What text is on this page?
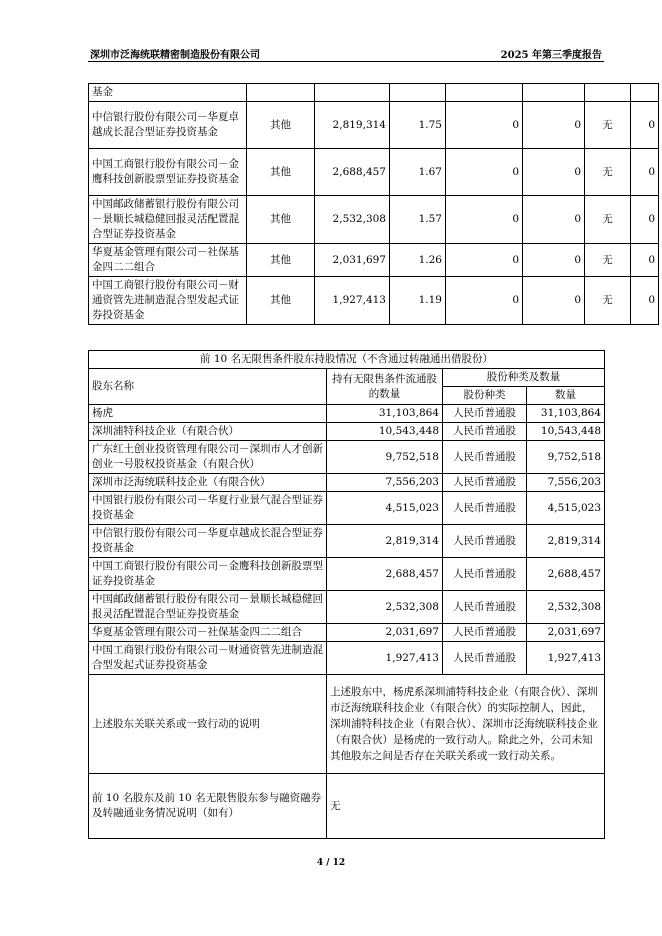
深圳市泛海统联精密制造股份有限公司	2025 年第三季度报告
基金							
中信银行股份有限公司－华夏卓越成长混合型证券投资基金	其他	2,819,314	1.75	0	0	无	0
中国工商银行股份有限公司－金鹰科技创新股票型证券投资基金	其他	2,688,457	1.67	0	0	无	0
中国邮政储蓄银行股份有限公司－景顺长城稳健回报灵活配置混合型证券投资基金	其他	2,532,308	1.57	0	0	无	0
华夏基金管理有限公司－社保基金四二二组合	其他	2,031,697	1.26	0	0	无	0
中国工商银行股份有限公司－财通资管先进制造混合型发起式证券投资基金	其他	1,927,413	1.19	0	0	无	0
前 10 名无限售条件股东持股情况（不含通过转融通出借股份）			
股东名称	持有无限售条件流通股的数量	股份种类及数量	
		股份种类	数量
杨虎	31,103,864	人民币普通股	31,103,864
深圳浦特科技企业（有限合伙）	10,543,448	人民币普通股	10,543,448
广东红土创业投资管理有限公司－深圳市人才创新创业一号股权投资基金（有限合伙）	9,752,518	人民币普通股	9,752,518
深圳市泛海统联科技企业（有限合伙）	7,556,203	人民币普通股	7,556,203
中国银行股份有限公司－华夏行业景气混合型证券投资基金	4,515,023	人民币普通股	4,515,023
中信银行股份有限公司－华夏卓越成长混合型证券投资基金	2,819,314	人民币普通股	2,819,314
中国工商银行股份有限公司－金鹰科技创新股票型证券投资基金	2,688,457	人民币普通股	2,688,457
中国邮政储蓄银行股份有限公司－景顺长城稳健回报灵活配置混合型证券投资基金	2,532,308	人民币普通股	2,532,308
华夏基金管理有限公司－社保基金四二二组合	2,031,697	人民币普通股	2,031,697
中国工商银行股份有限公司－财通资管先进制造混合型发起式证券投资基金	1,927,413	人民币普通股	1,927,413
上述股东关联关系或一致行动的说明	上述股东中，杨虎系深圳浦特科技企业（有限合伙）、深圳市泛海统联科技企业（有限合伙）的实际控制人，因此，深圳浦特科技企业（有限合伙）、深圳市泛海统联科技企业（有限合伙）是杨虎的一致行动人。除此之外，公司未知其他股东之间是否存在关联关系或一致行动关系。		
前 10 名股东及前 10 名无限售股东参与融资融券及转融通业务情况说明（如有）	无		
4 / 12
